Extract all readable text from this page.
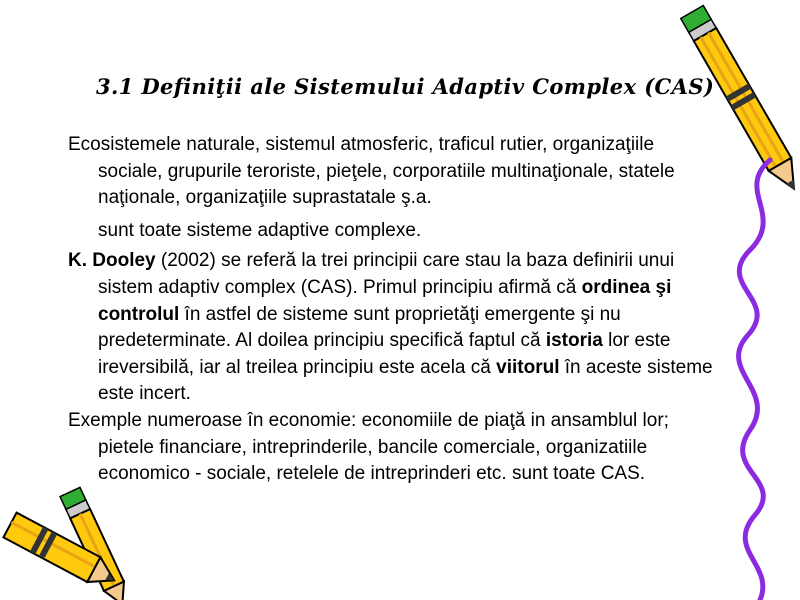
3.1 Definiţii ale Sistemului Adaptiv Complex (CAS)

Ecosistemele naturale, sistemul atmosferic, traficul rutier, organizaţiile sociale, grupurile teroriste, pieţele, corporatiile multinaţionale, statele naţionale, organizaţiile suprastatale ş.a.

sunt toate sisteme adaptive complexe.

K. Dooley (2002) se referă la trei principii care stau la baza definirii unui sistem adaptiv complex (CAS). Primul principiu afirmă că ordinea şi controlul în astfel de sisteme sunt proprietăţi emergente şi nu predeterminate. Al doilea principiu specifică faptul că istoria lor este ireversibilă, iar al treilea principiu este acela că viitorul în aceste sisteme este incert.

Exemple numeroase în economie: economiile de piaţă in ansamblul lor; pietele financiare, intreprinderile, bancile comerciale, organizatiile economico - sociale, retelele de intreprinderi etc. sunt toate CAS.
